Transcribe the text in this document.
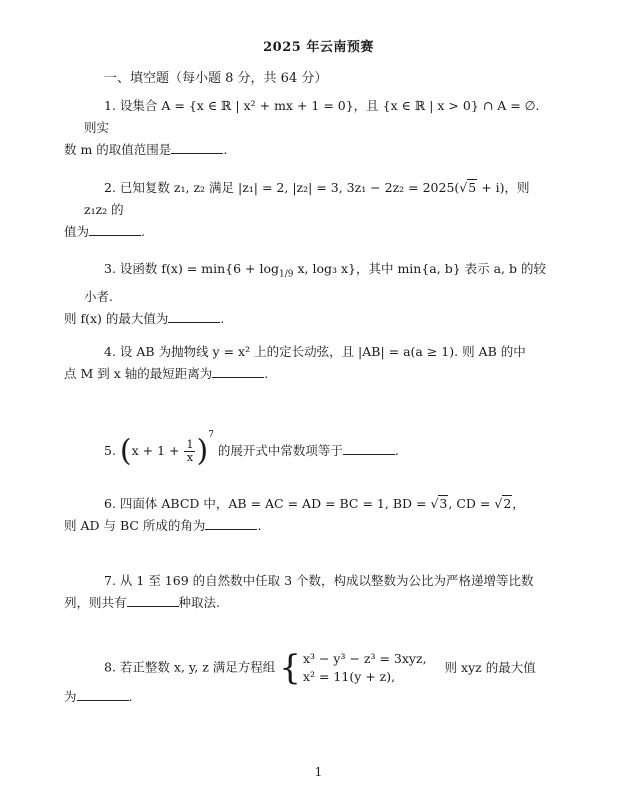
2025 年云南预赛
一、填空题（每小题 8 分，共 64 分）
1. 设集合 A = {x ∈ ℝ | x² + mx + 1 = 0}，且 {x ∈ ℝ | x > 0} ∩ A = ∅. 则实
数 m 的取值范围是	.
2. 已知复数 z₁, z₂ 满足 |z₁| = 2, |z₂| = 3, 3z₁ − 2z₂ = 2025(√5 + i)，则 z₁z₂ 的
值为	.
3. 设函数 $f(x) = \min\{6 + \log_{1/9} x$, log₃ x}，其中 min{a, b} 表示 a, b 的较小者.
则 f(x) 的最大值为	.
4. 设 AB 为抛物线 y = x² 上的定长动弦，且 |AB| = a(a ≥ 1). 则 AB 的中
点 M 到 x 轴的最短距离为	.
5. $(x + 1 + \frac{1}{x} )^7$ 的展开式中常数项等于	.
6. 四面体 ABCD 中，AB = AC = AD = BC = 1, BD = √3, CD = √2，
则 AD 与 BC 所成的角为	.
7. 从 1 至 169 的自然数中任取 3 个数，构成以整数为公比为严格递增等比数
列，则共有	种取法.
8. 若正整数 x, y, z 满足方程组 { x³ − y³ − z³ = 3xyz,
x² = 11(y + z),
则 xyz 的最大值
为	.
1
